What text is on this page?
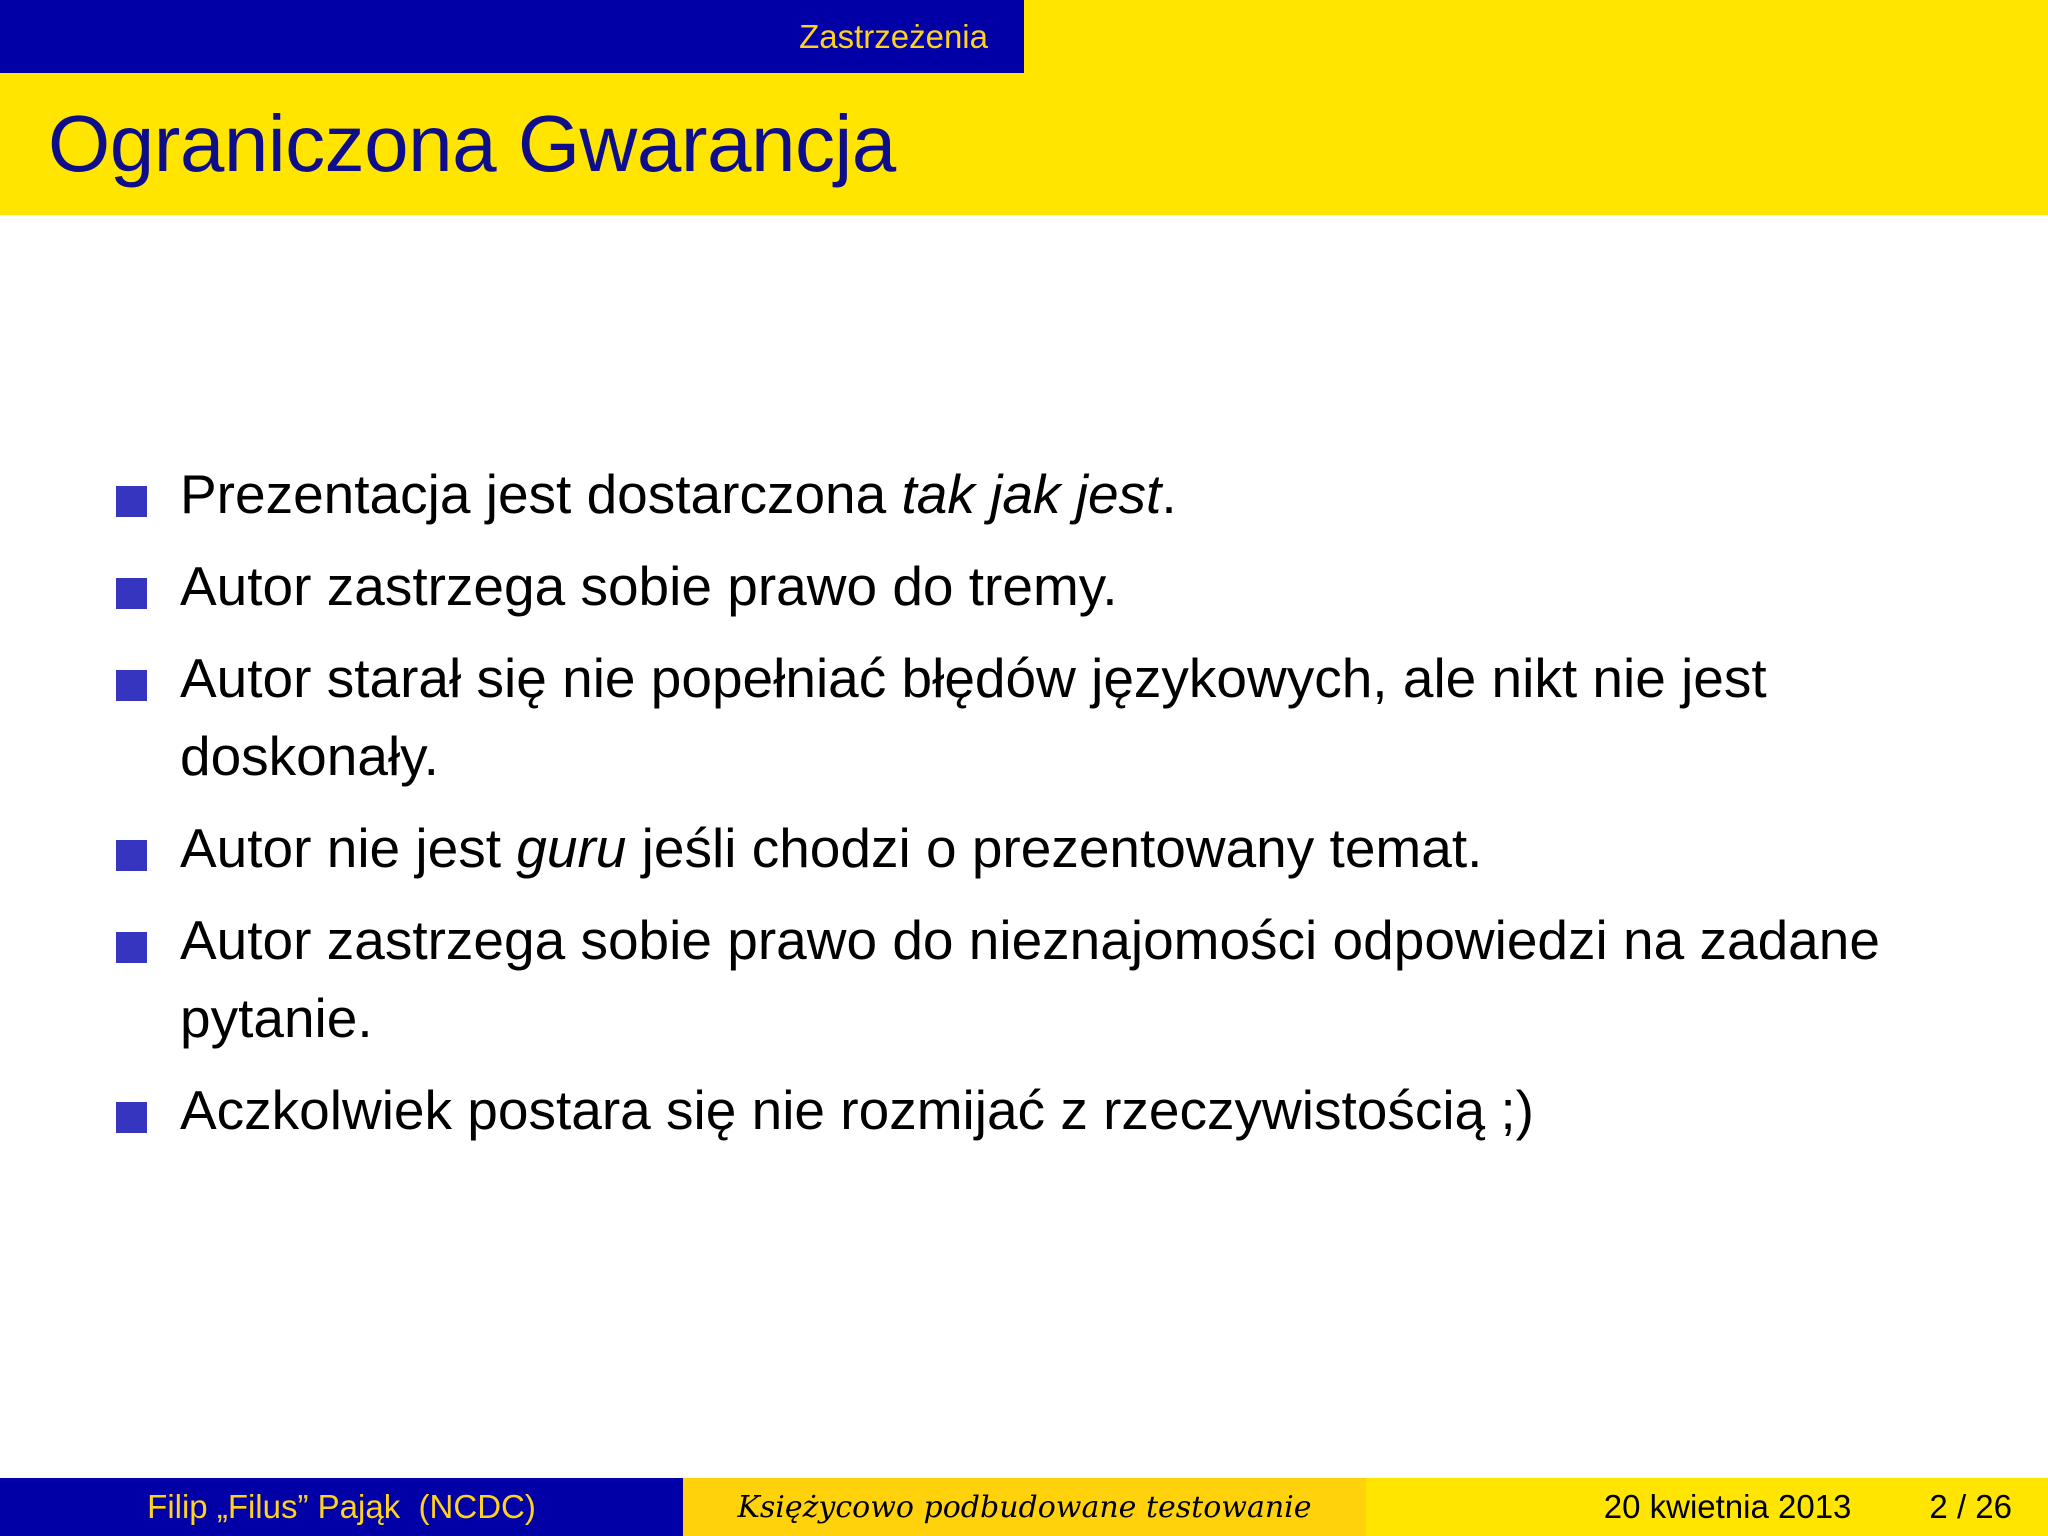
Zastrzeżenia
Ograniczona Gwarancja
Prezentacja jest dostarczona tak jak jest.
Autor zastrzega sobie prawo do tremy.
Autor starał się nie popełniać błędów językowych, ale nikt nie jest doskonały.
Autor nie jest guru jeśli chodzi o prezentowany temat.
Autor zastrzega sobie prawo do nieznajomości odpowiedzi na zadane pytanie.
Aczkolwiek postara się nie rozmijać z rzeczywistością ;)
Filip „Filus” Pająk  (NCDC)	Księżycowo podbudowane testowanie	20 kwietnia 2013 2 / 26
